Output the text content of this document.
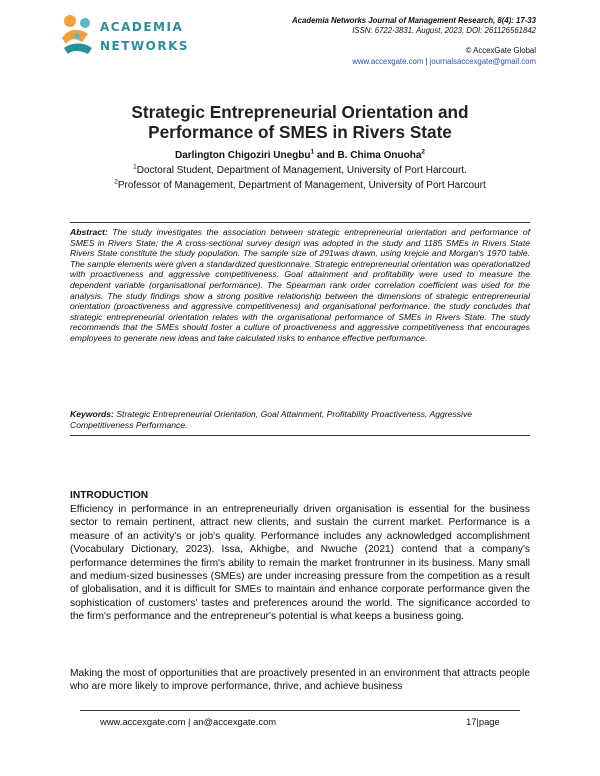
ACADEMIA
NETWORKS
Academia Networks Journal of Management Research, 8(4): 17-33
ISSN: 6722-3831. August, 2023, DOI: 261126561842
© AccexGate Global
www.accexgate.com | journalsaccexgate@gmail.com
Strategic Entrepreneurial Orientation and
Performance of SMES in Rivers State
Darlington Chigoziri Unegbu$^1$ and B. Chima Onuoha$^2$
$^1$Doctoral Student, Department of Management, University of Port Harcourt.
$^2$Professor of Management, Department of Management, University of Port Harcourt
Abstract: The study investigates the association between strategic entrepreneurial orientation and performance of SMES in Rivers State; the A cross-sectional survey design was adopted in the study and 1185 SMEs in Rivers State Rivers State constitute the study population. The sample size of 291was drawn, using krejcie and Morgan's 1970 table. The sample elements were given a standardized questionnaire. Strategic entrepreneurial orientation was operationalized with proactiveness and aggressive competitiveness. Goal attainment and profitability were used to measure the dependent variable (organisational performance). The Spearman rank order correlation coefficient was used for the analysis. The study findings show a strong positive relationship between the dimensions of strategic entrepreneurial orientation (proactiveness and aggressive competitiveness) and organisational performance. the study concludes that strategic entrepreneurial orientation relates with the organisational performance of SMEs in Rivers State. The study recommends that the SMEs should foster a culture of proactiveness and aggressive competitiveness that encourages employees to generate new ideas and take calculated risks to enhance effective performance.
Keywords: Strategic Entrepreneurial Orientation, Goal Attainment, Profitability Proactiveness, Aggressive Competitiveness Performance.
INTRODUCTION
Efficiency in performance in an entrepreneurially driven organisation is essential for the business sector to remain pertinent, attract new clients, and sustain the current market. Performance is a measure of an activity's or job's quality. Performance includes any acknowledged accomplishment (Vocabulary Dictionary, 2023). Issa, Akhigbe, and Nwuche (2021) contend that a company's performance determines the firm's ability to remain the market frontrunner in its business. Many small and medium-sized businesses (SMEs) are under increasing pressure from the competition as a result of globalisation, and it is difficult for SMEs to maintain and enhance corporate performance given the sophistication of customers' tastes and preferences around the world. The significance accorded to the firm's performance and the entrepreneur's potential is what keeps a business going.
Making the most of opportunities that are proactively presented in an environment that attracts people who are more likely to improve performance, thrive, and achieve business
www.accexgate.com | an@accexgate.com	17|page
